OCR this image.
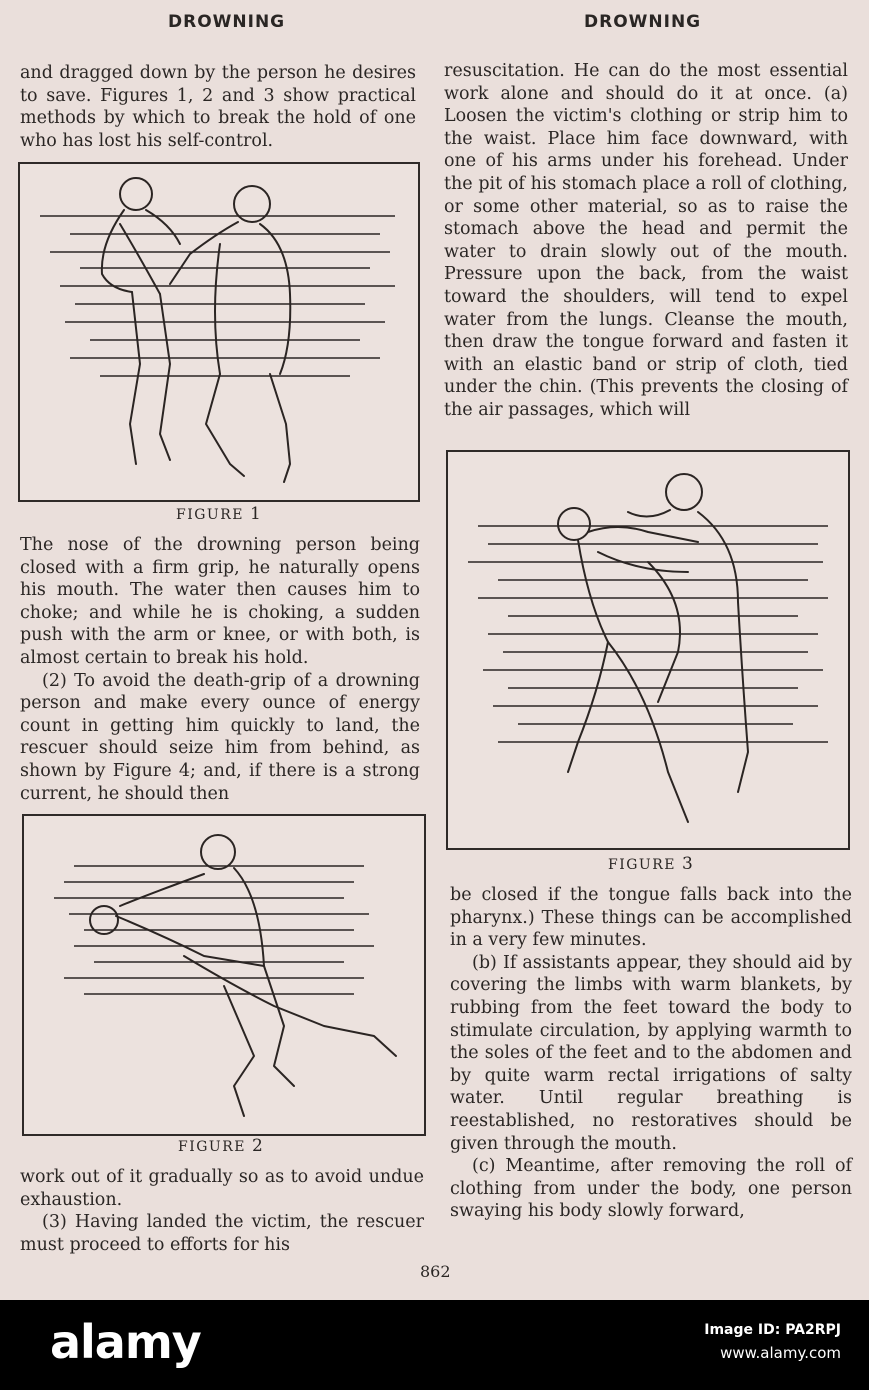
DROWNING	DROWNING

and dragged down by the person he desires to save. Figures 1, 2 and 3 show practical methods by which to break the hold of one who has lost his self-control.

FIGURE 1

The nose of the drowning person being closed with a firm grip, he naturally opens his mouth. The water then causes him to choke; and while he is choking, a sudden push with the arm or knee, or with both, is almost certain to break his hold.

(2) To avoid the death-grip of a drowning person and make every ounce of energy count in getting him quickly to land, the rescuer should seize him from behind, as shown by Figure 4; and, if there is a strong current, he should then

FIGURE 2

work out of it gradually so as to avoid undue exhaustion.

(3) Having landed the victim, the rescuer must proceed to efforts for his

resuscitation. He can do the most essential work alone and should do it at once. (a) Loosen the victim's clothing or strip him to the waist. Place him face downward, with one of his arms under his forehead. Under the pit of his stomach place a roll of clothing, or some other material, so as to raise the stomach above the head and permit the water to drain slowly out of the mouth. Pressure upon the back, from the waist toward the shoulders, will tend to expel water from the lungs. Cleanse the mouth, then draw the tongue forward and fasten it with an elastic band or strip of cloth, tied under the chin. (This prevents the closing of the air passages, which will

FIGURE 3

be closed if the tongue falls back into the pharynx.) These things can be accomplished in a very few minutes.

(b) If assistants appear, they should aid by covering the limbs with warm blankets, by rubbing from the feet toward the body to stimulate circulation, by applying warmth to the soles of the feet and to the abdomen and by quite warm rectal irrigations of salty water. Until regular breathing is reestablished, no restoratives should be given through the mouth.

(c) Meantime, after removing the roll of clothing from under the body, one person swaying his body slowly forward,

862
alamy	Image ID: PA2RPJ
www.alamy.com
